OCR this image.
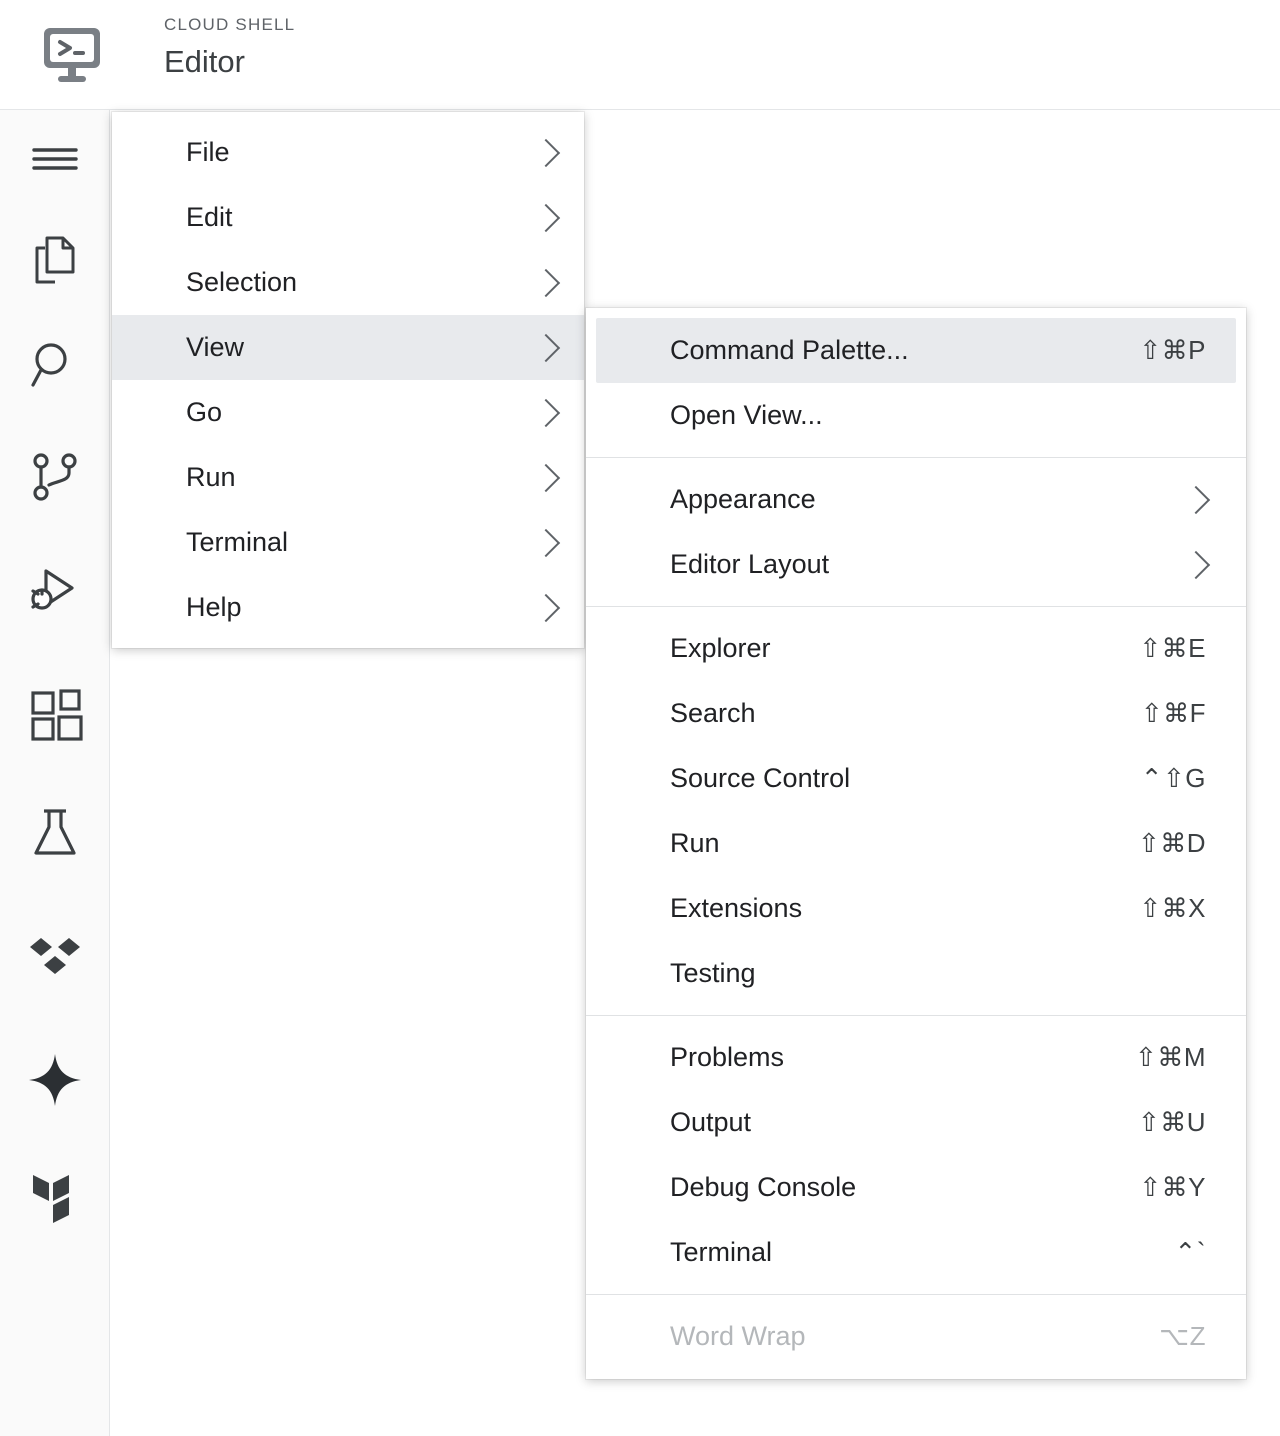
CLOUD SHELL
Editor
File
Edit
Selection
View
Go
Run
Terminal
Help
Command Palette...	⇧⌘P
Open View...
Appearance
Editor Layout
Explorer	⇧⌘E
Search	⇧⌘F
Source Control	⌃⇧G
Run	⇧⌘D
Extensions	⇧⌘X
Testing
Problems	⇧⌘M
Output	⇧⌘U
Debug Console	⇧⌘Y
Terminal	⌃`
Word Wrap	⌥Z
